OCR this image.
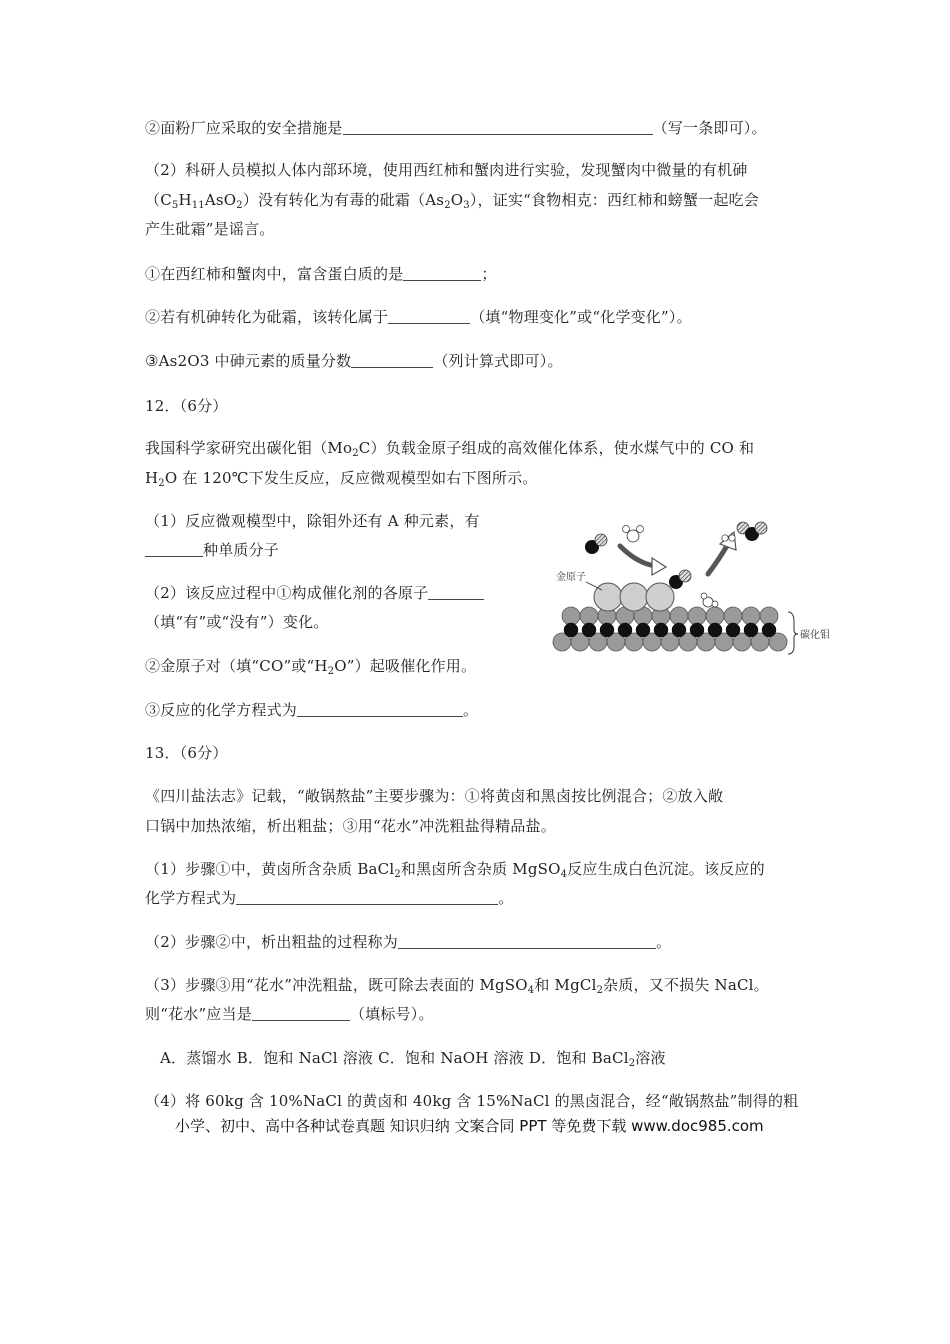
②面粉厂应采取的安全措施是	（写一条即可）。
（2）科研人员模拟人体内部环境，使用西红柿和蟹肉进行实验，发现蟹肉中微量的有机砷
$(C_5H_{11}AsO_2)$没有转化为有毒的砒霜$(As_2O_3)$，证实“食物相克：西红柿和螃蟹一起吃会
产生砒霜”是谣言。
①在西红柿和蟹肉中，富含蛋白质的是	；
②若有机砷转化为砒霜，该转化属于	（填“物理变化”或“化学变化”）。
③As2O3 中砷元素的质量分数	（列计算式即可）。
12．（6分）
我国科学家研究出碳化钼$(Mo_2C)$负载金原子组成的高效催化体系，使水煤气中的 CO 和
$H_2O$ 在 120℃下发生反应，反应微观模型如右下图所示。
（1）反应微观模型中，除钼外还有 A 种元素，有
种单质分子
（2）该反应过程中①构成催化剂的各原子
（填“有”或“没有”）变化。
②金原子对（填“CO”或“$H_2O$”）起吸催化作用。
③反应的化学方程式为	。
13．（6分）
《四川盐法志》记载，“敞锅熬盐”主要步骤为：①将黄卤和黑卤按比例混合；②放入敞
口锅中加热浓缩，析出粗盐；③用“花水”冲洗粗盐得精品盐。
（1）步骤①中，黄卤所含杂质 BaCl$_2$和黑卤所含杂质 MgSO$_4$反应生成白色沉淀。该反应的
化学方程式为	。
（2）步骤②中，析出粗盐的过程称为	。
（3）步骤③用“花水”冲洗粗盐，既可除去表面的 MgSO$_4$和 MgCl$_2$杂质，又不损失 NaCl。
则“花水”应当是	（填标号）。
A．蒸馏水 B．饱和 NaCl 溶液 C．饱和 NaOH 溶液 D．饱和 BaCl$_2$溶液
（4）将 60kg 含 10%NaCl 的黄卤和 40kg 含 15%NaCl 的黑卤混合，经“敞锅熬盐”制得的粗
小学、初中、高中各种试卷真题 知识归纳 文案合同 PPT 等免费下载 www.doc985.com
碳化钼
金原子
